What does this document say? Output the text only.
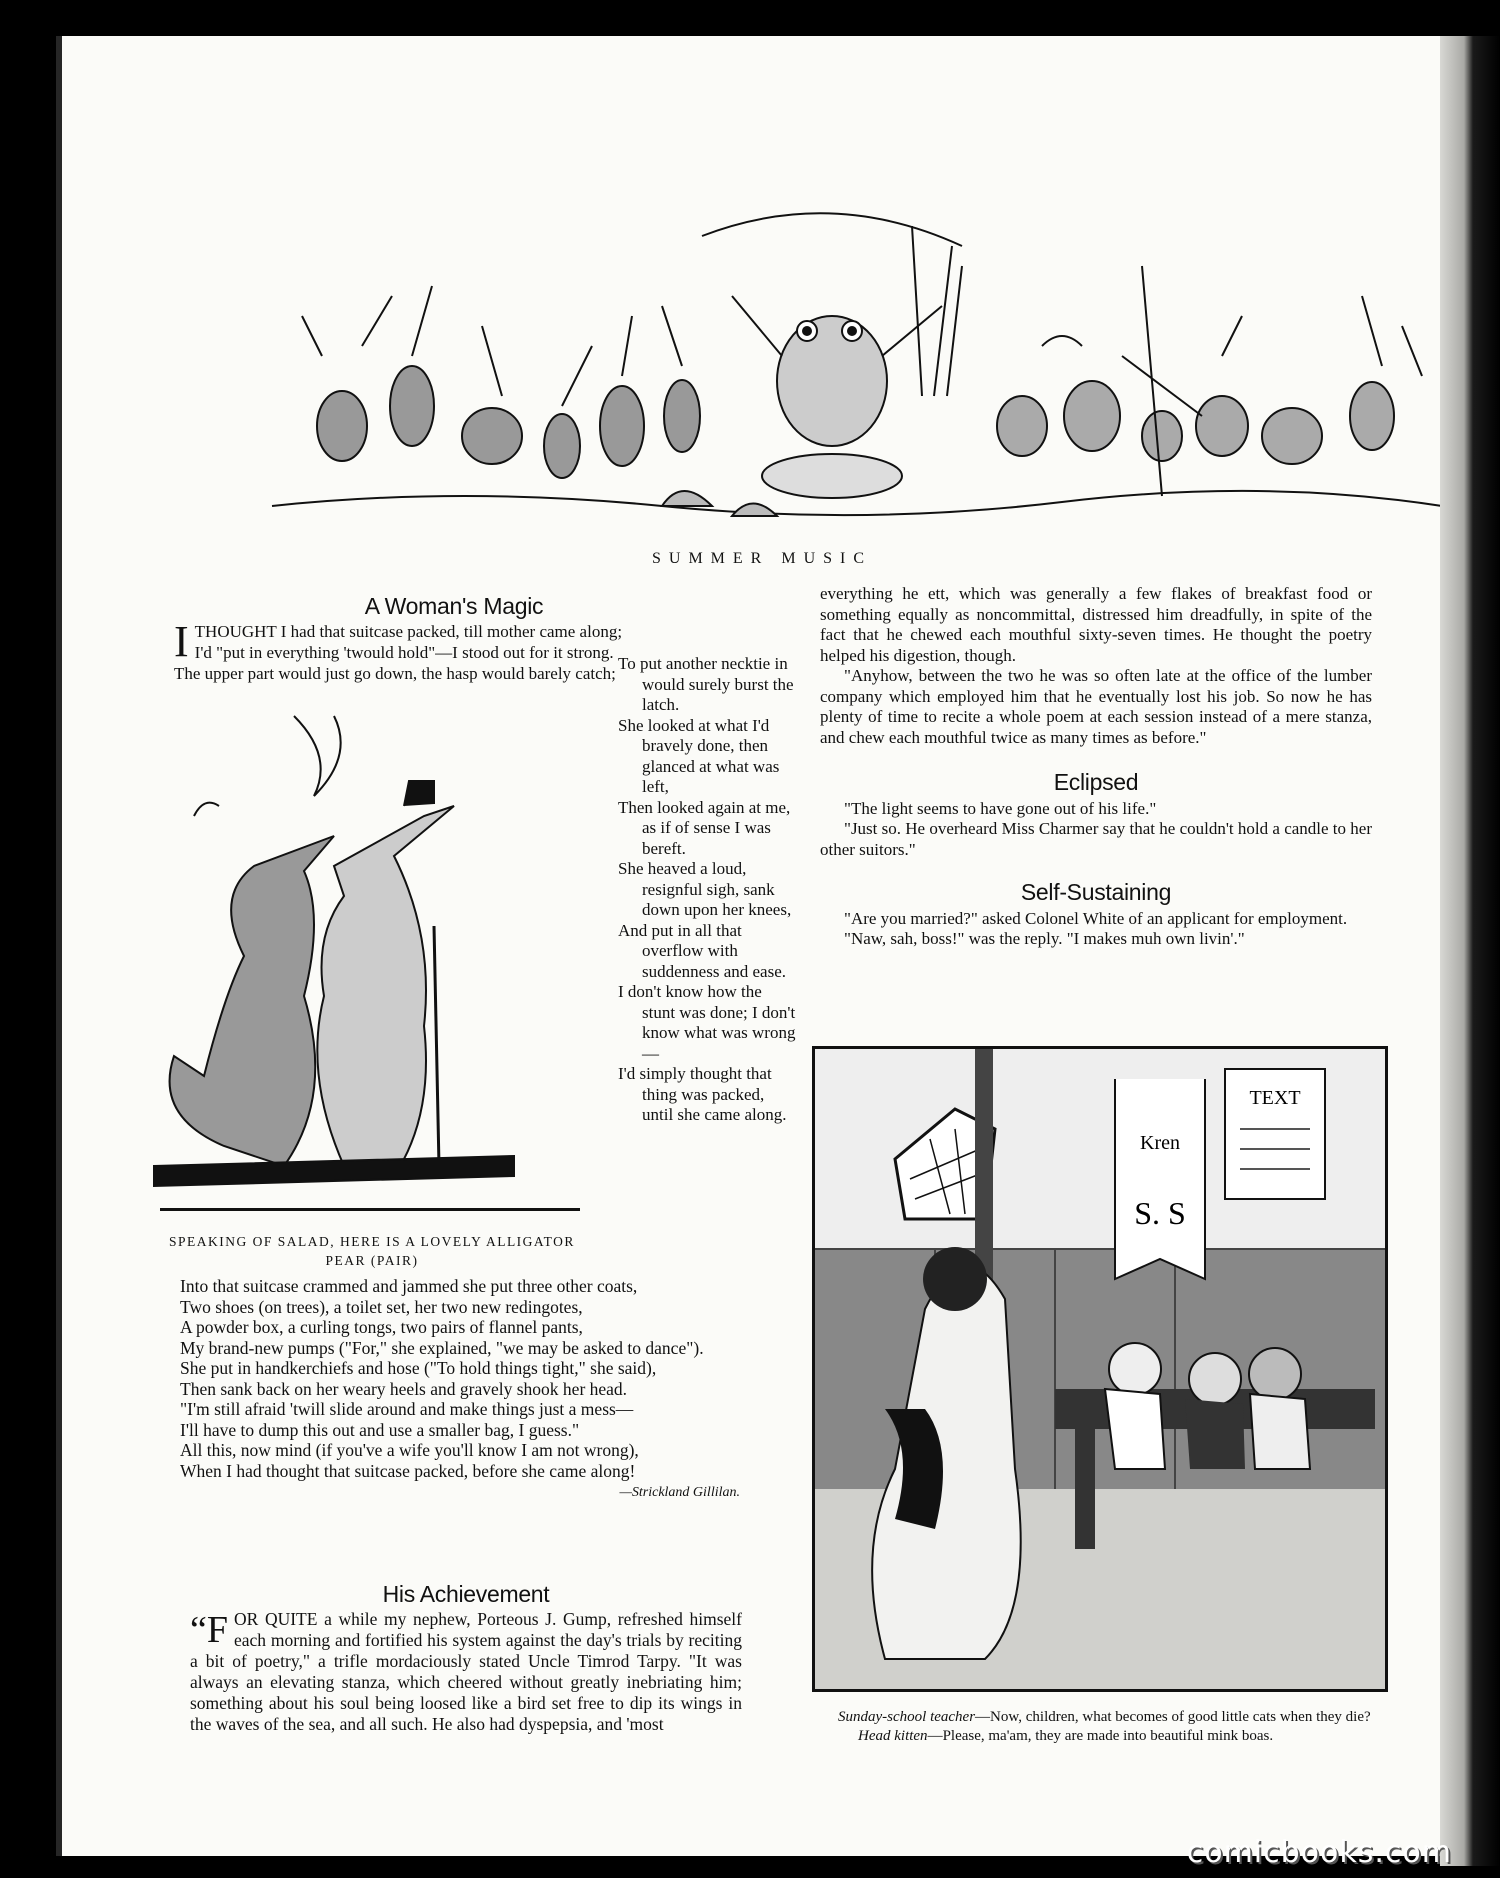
SUMMER MUSIC
A Woman's Magic
I THOUGHT I had that suitcase packed, till mother came along;

I'd "put in everything 'twould hold"—I stood out for it strong.

The upper part would just go down, the hasp would barely catch;

SPEAKING OF SALAD, HERE IS A LOVELY ALLIGATOR PEAR (PAIR)

To put another necktie in would surely burst the latch.

She looked at what I'd bravely done, then glanced at what was left,

Then looked again at me, as if of sense I was bereft.

She heaved a loud, resignful sigh, sank down upon her knees,

And put in all that overflow with suddenness and ease.

I don't know how the stunt was done; I don't know what was wrong—

I'd simply thought that thing was packed, until she came along.

Into that suitcase crammed and jammed she put three other coats,

Two shoes (on trees), a toilet set, her two new redingotes,

A powder box, a curling tongs, two pairs of flannel pants,

My brand-new pumps ("For," she explained, "we may be asked to dance").

She put in handkerchiefs and hose ("To hold things tight," she said),

Then sank back on her weary heels and gravely shook her head.

"I'm still afraid 'twill slide around and make things just a mess—

I'll have to dump this out and use a smaller bag, I guess."

All this, now mind (if you've a wife you'll know I am not wrong),

When I had thought that suitcase packed, before she came along!

—Strickland Gillilan.

His Achievement

“F OR QUITE a while my nephew, Porteous J. Gump, refreshed himself each morning and fortified his system against the day's trials by reciting a bit of poetry," a trifle mordaciously stated Uncle Timrod Tarpy. "It was always an elevating stanza, which cheered without greatly inebriating him; something about his soul being loosed like a bird set free to dip its wings in the waves of the sea, and all such. He also had dyspepsia, and 'most

everything he ett, which was generally a few flakes of breakfast food or something equally as noncommittal, distressed him dreadfully, in spite of the fact that he chewed each mouthful sixty-seven times. He thought the poetry helped his digestion, though.

"Anyhow, between the two he was so often late at the office of the lumber company which employed him that he eventually lost his job. So now he has plenty of time to recite a whole poem at each session instead of a mere stanza, and chew each mouthful twice as many times as before."

Eclipsed

"The light seems to have gone out of his life."

"Just so. He overheard Miss Charmer say that he couldn't hold a candle to her other suitors."

Self-Sustaining

"Are you married?" asked Colonel White of an applicant for employment.

"Naw, sah, boss!" was the reply. "I makes muh own livin'."

S. S
Kren
TEXT

Sunday-school teacher—Now, children, what becomes of good little cats when they die?

Head kitten—Please, ma'am, they are made into beautiful mink boas.

comicbooks.com
